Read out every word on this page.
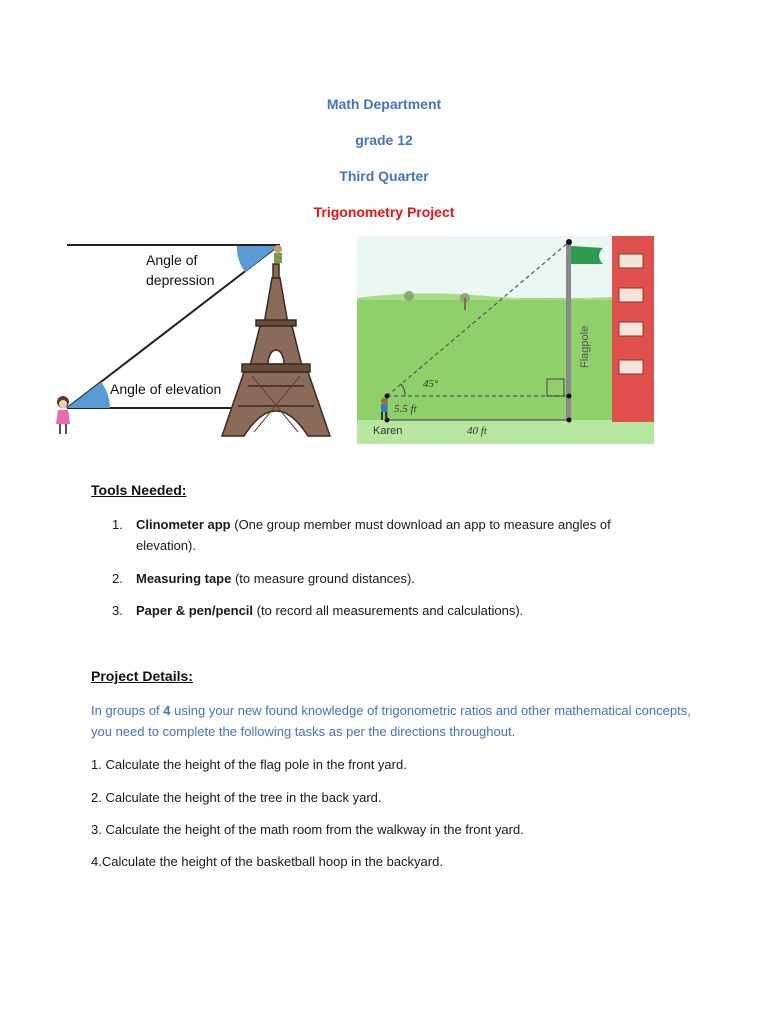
Math Department
grade 12
Third Quarter
Trigonometry Project
Angle of
depression
Angle of elevation	45°
5.5 ft
Karen	40 ft
Flagpole
Tools Needed:
1. Clinometer app (One group member must download an app to measure angles of elevation).
2. Measuring tape (to measure ground distances).
3. Paper & pen/pencil (to record all measurements and calculations).
Project Details:
In groups of 4 using your new found knowledge of trigonometric ratios and other mathematical concepts, you need to complete the following tasks as per the directions throughout.
1. Calculate the height of the flag pole in the front yard.
2. Calculate the height of the tree in the back yard.
3. Calculate the height of the math room from the walkway in the front yard.
4.Calculate the height of the basketball hoop in the backyard.
